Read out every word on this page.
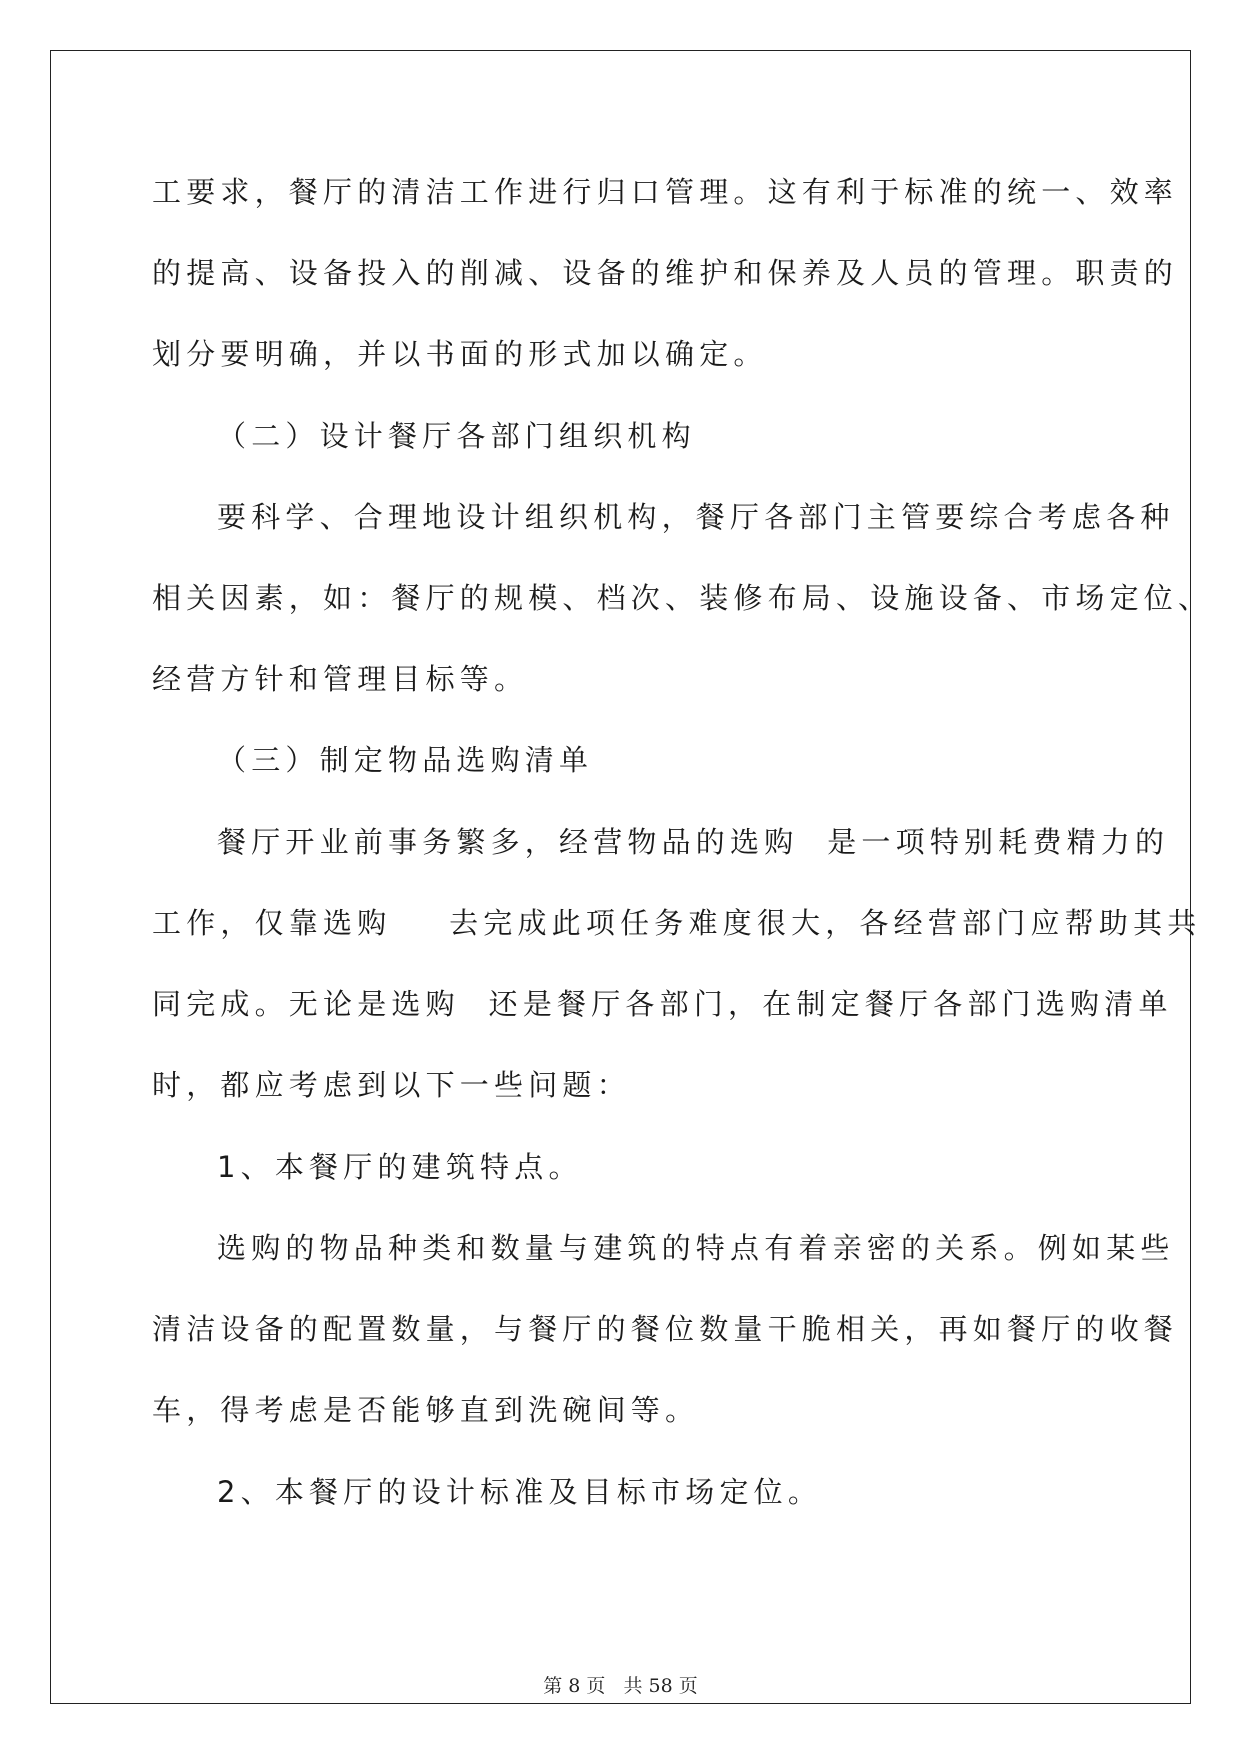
工要求，餐厅的清洁工作进行归口管理。这有利于标准的统一、效率
的提高、设备投入的削减、设备的维护和保养及人员的管理。职责的
划分要明确，并以书面的形式加以确定。
（二）设计餐厅各部门组织机构
要科学、合理地设计组织机构，餐厅各部门主管要综合考虑各种
相关因素，如：餐厅的规模、档次、装修布局、设施设备、市场定位、
经营方针和管理目标等。
（三）制定物品选购清单
餐厅开业前事务繁多，经营物品的选购  是一项特别耗费精力的
工作，仅靠选购    去完成此项任务难度很大，各经营部门应帮助其共
同完成。无论是选购  还是餐厅各部门，在制定餐厅各部门选购清单
时，都应考虑到以下一些问题：
1、本餐厅的建筑特点。
选购的物品种类和数量与建筑的特点有着亲密的关系。例如某些
清洁设备的配置数量，与餐厅的餐位数量干脆相关，再如餐厅的收餐
车，得考虑是否能够直到洗碗间等。
2、本餐厅的设计标准及目标市场定位。
第 8 页   共 58 页
